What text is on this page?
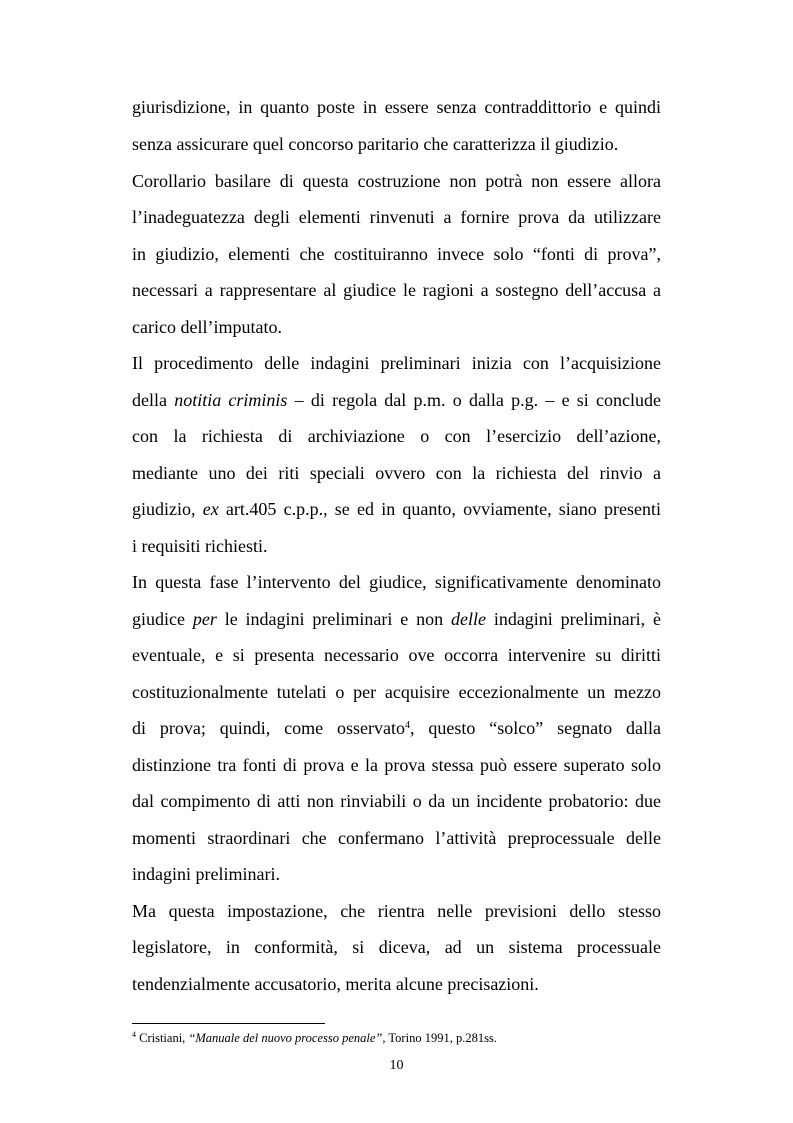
giurisdizione, in quanto poste in essere senza contraddittorio e quindi
senza assicurare quel concorso paritario che caratterizza il giudizio.
Corollario basilare di questa costruzione non potrà non essere allora
l’inadeguatezza degli elementi rinvenuti a fornire prova da utilizzare
in giudizio, elementi che costituiranno invece solo “fonti di prova”,
necessari a rappresentare al giudice le ragioni a sostegno dell’accusa a
carico dell’imputato.
Il procedimento delle indagini preliminari inizia con l’acquisizione
della notitia criminis – di regola dal p.m. o dalla p.g. – e si conclude
con la richiesta di archiviazione o con l’esercizio dell’azione,
mediante uno dei riti speciali ovvero con la richiesta del rinvio a
giudizio, ex art.405 c.p.p., se ed in quanto, ovviamente, siano presenti
i requisiti richiesti.
In questa fase l’intervento del giudice, significativamente denominato
giudice per le indagini preliminari e non delle indagini preliminari, è
eventuale, e si presenta necessario ove occorra intervenire su diritti
costituzionalmente tutelati o per acquisire eccezionalmente un mezzo
di prova; quindi, come osservato$^4$, questo “solco” segnato dalla
distinzione tra fonti di prova e la prova stessa può essere superato solo
dal compimento di atti non rinviabili o da un incidente probatorio: due
momenti straordinari che confermano l’attività preprocessuale delle
indagini preliminari.
Ma questa impostazione, che rientra nelle previsioni dello stesso
legislatore, in conformità, si diceva, ad un sistema processuale
tendenzialmente accusatorio, merita alcune precisazioni.
$^4$ Cristiani, “Manuale del nuovo processo penale”, Torino 1991, p.281ss.
10
